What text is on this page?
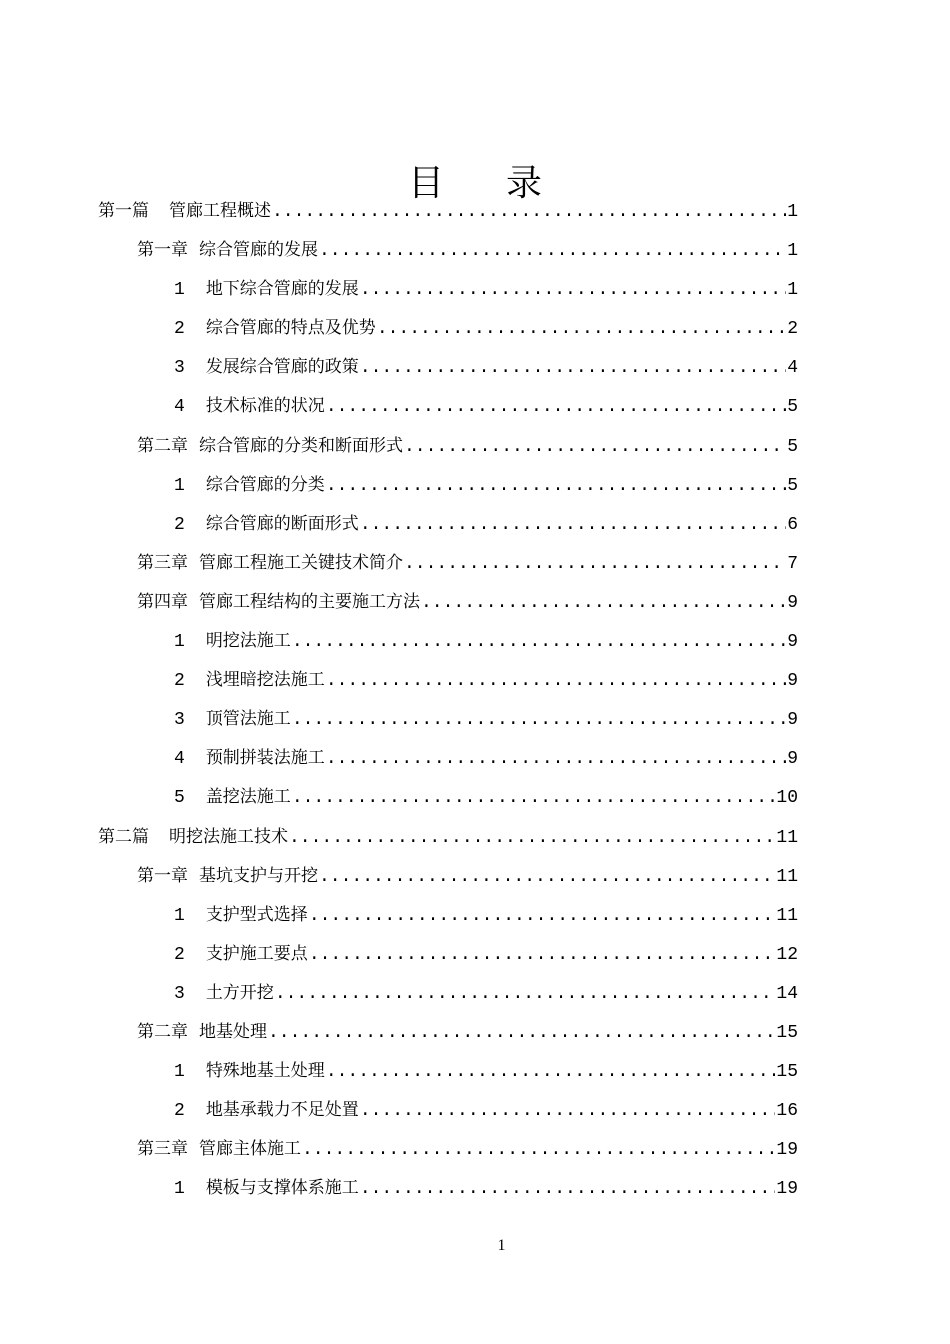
目 录
第一篇 管廊工程概述 .....	1
第一章 综合管廊的发展 .....	1
1 地下综合管廊的发展 .....	1
2 综合管廊的特点及优势 .....	2
3 发展综合管廊的政策 .....	4
4 技术标准的状况 .....	5
第二章 综合管廊的分类和断面形式 .....	5
1 综合管廊的分类 .....	5
2 综合管廊的断面形式 .....	6
第三章 管廊工程施工关键技术简介 .....	7
第四章 管廊工程结构的主要施工方法 .....	9
1 明挖法施工 .....	9
2 浅埋暗挖法施工 .....	9
3 顶管法施工 .....	9
4 预制拼装法施工 .....	9
5 盖挖法施工 .....	10
第二篇 明挖法施工技术 .....	11
第一章 基坑支护与开挖 .....	11
1 支护型式选择 .....	11
2 支护施工要点 .....	12
3 土方开挖 .....	14
第二章 地基处理 .....	15
1 特殊地基土处理 .....	15
2 地基承载力不足处置 .....	16
第三章 管廊主体施工 .....	19
1 模板与支撑体系施工 .....	19
1
